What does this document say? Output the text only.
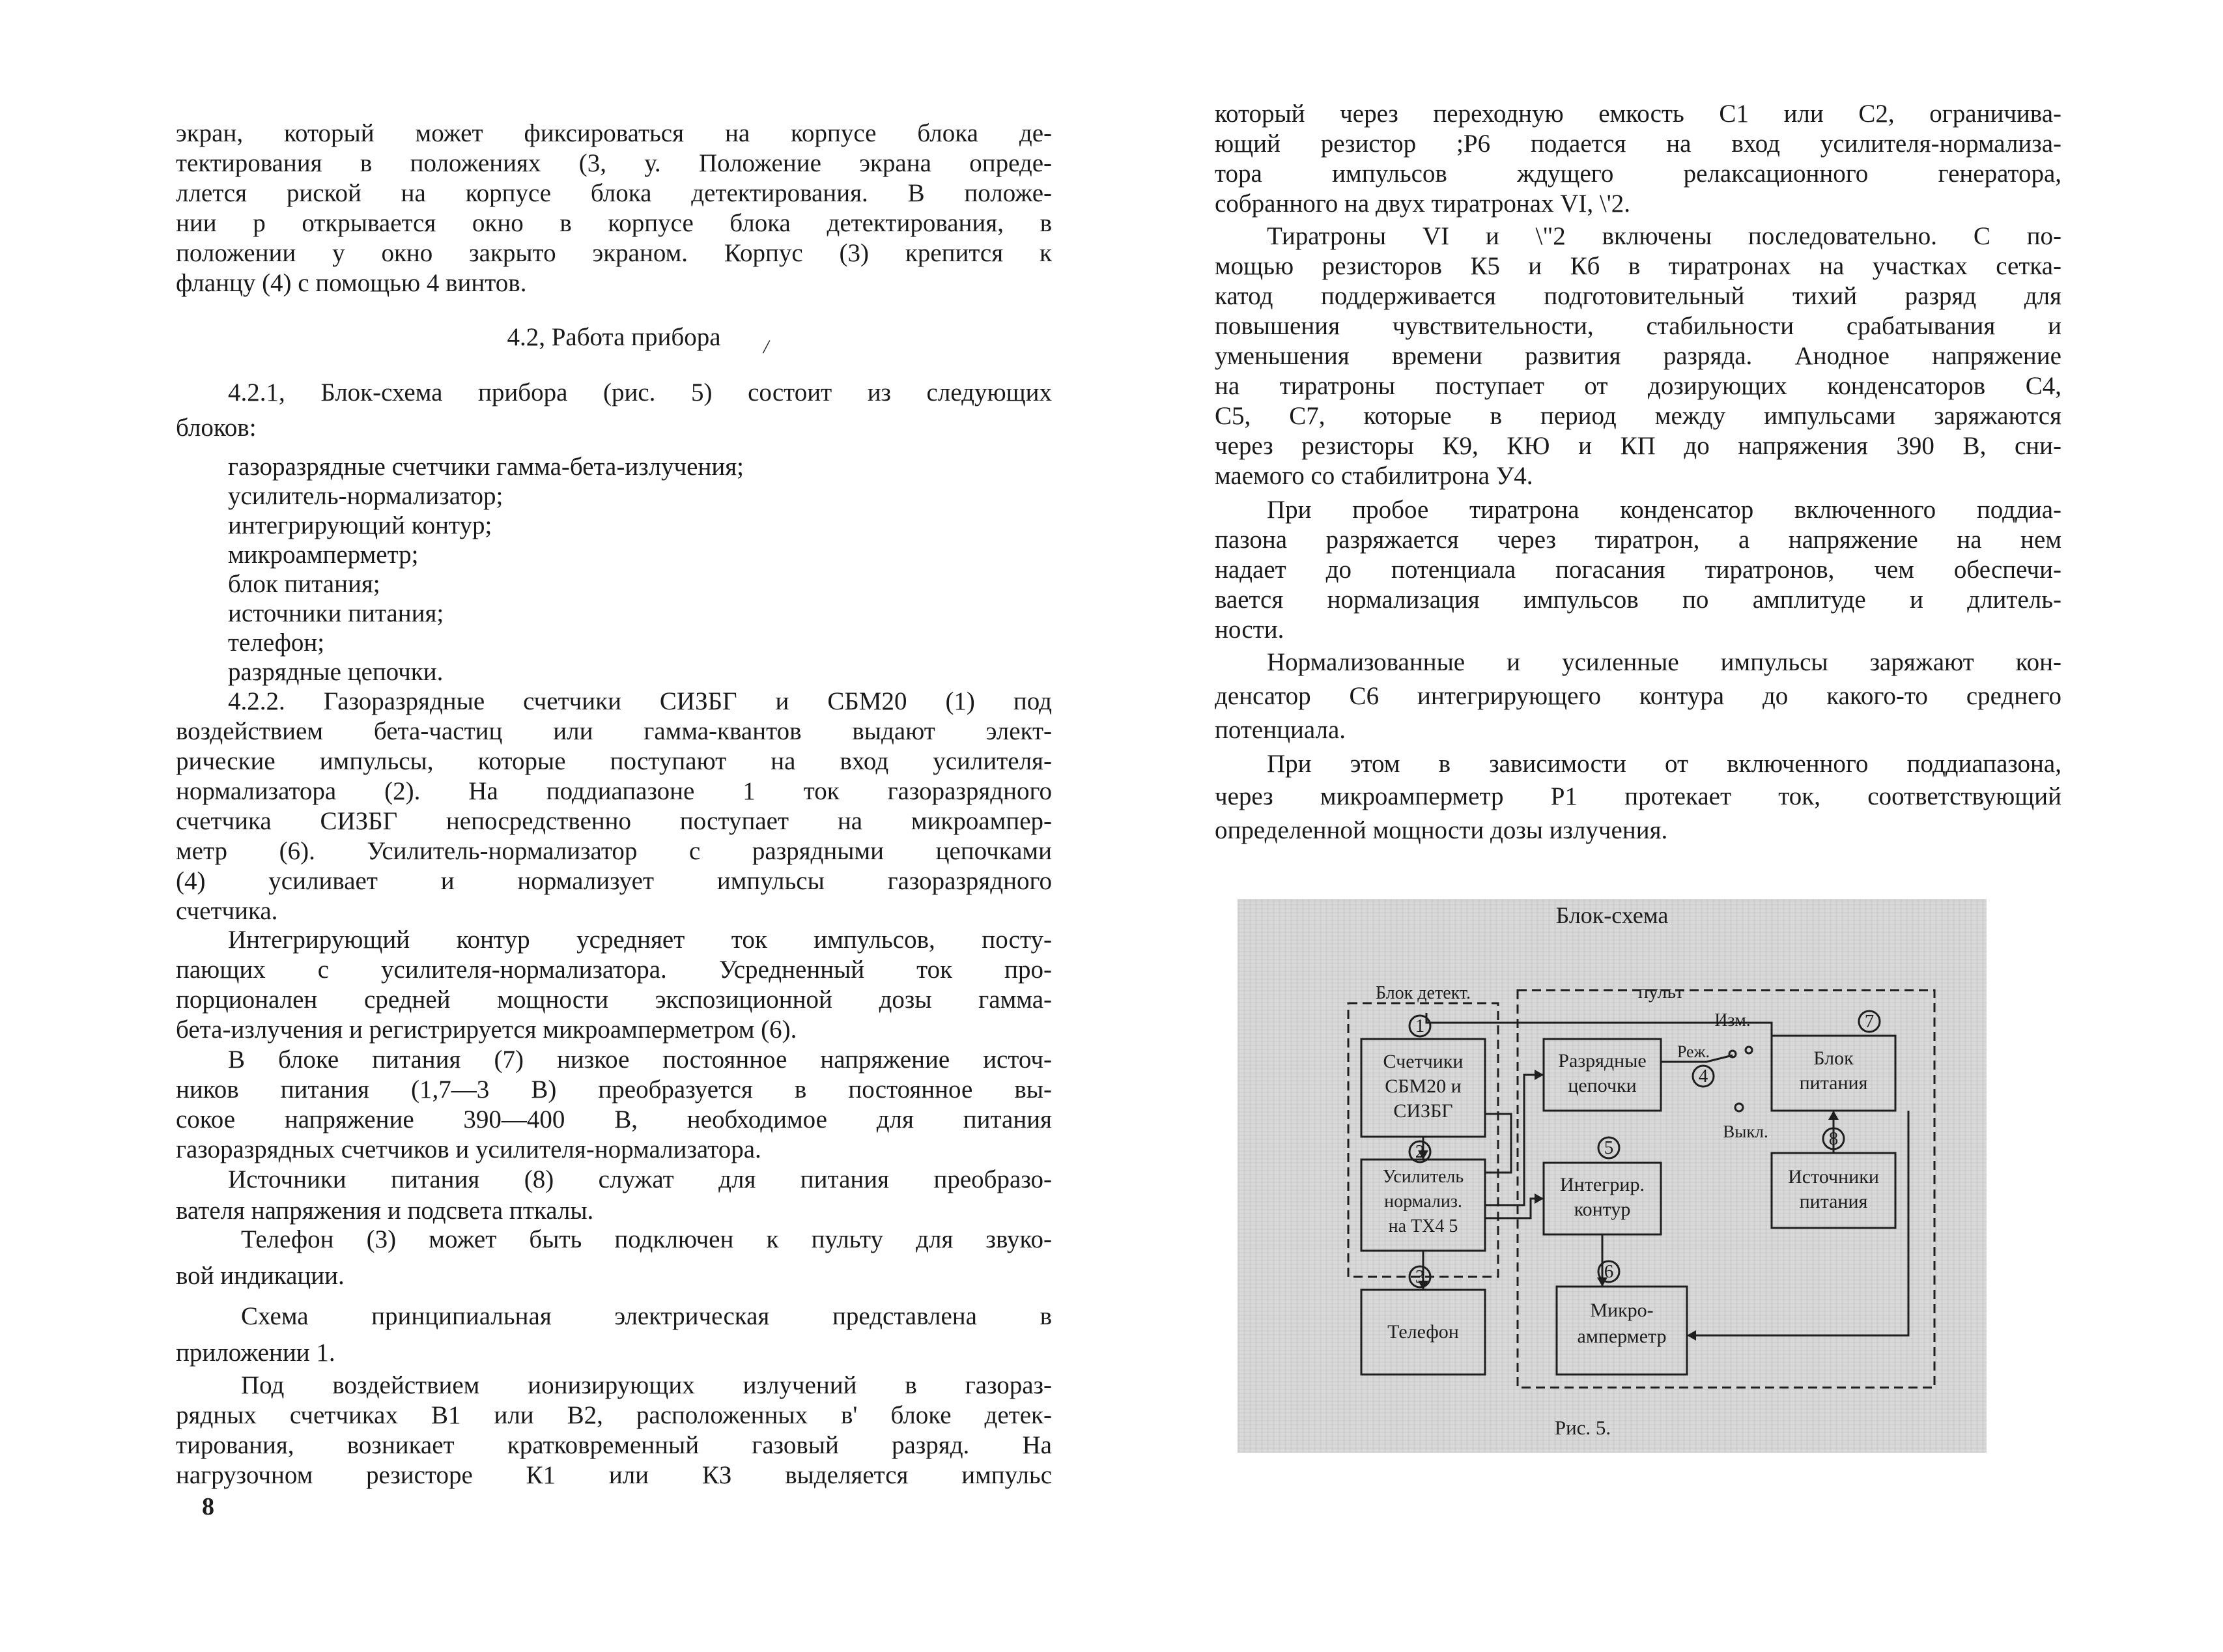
экран, который может фиксироваться на корпусе блока де-
тектирования в положениях (3, у. Положение экрана опреде-
ллется риской на корпусе блока детектирования. В положе-
нии р открывается окно в корпусе блока детектирования, в
положении у окно закрыто экраном. Корпус (3) крепится к
фланцу (4) с помощью 4 винтов.
4.2, Работа прибора	/
4.2.1, Блок-схема прибора (рис. 5) состоит из следующих
блоков:
газоразрядные счетчики гамма-бета-излучения;
усилитель-нормализатор;
интегрирующий контур;
микроамперметр;
блок питания;
источники питания;
телефон;
разрядные цепочки.
4.2.2. Газоразрядные счетчики СИЗБГ и СБМ20 (1) под
воздействием бета-частиц или гамма-квантов выдают элект-
рические импульсы, которые поступают на вход усилителя-
нормализатора (2). На поддиапазоне 1 ток газоразрядного
счетчика СИЗБГ непосредственно поступает на микроампер-
метр (6). Усилитель-нормализатор с разрядными цепочками
(4) усиливает и нормализует импульсы газоразрядного
счетчика.
Интегрирующий контур усредняет ток импульсов, посту-
пающих с усилителя-нормализатора. Усредненный ток про-
порционален средней мощности экспозиционной дозы гамма-
бета-излучения и регистрируется микроамперметром (6).
В блоке питания (7) низкое постоянное напряжение источ-
ников питания (1,7—3 В) преобразуется в постоянное вы-
сокое напряжение 390—400 В, необходимое для питания
газоразрядных счетчиков и усилителя-нормализатора.
Источники питания (8) служат для питания преобразо-
вателя напряжения и подсвета пткалы.
Телефон (3) может быть подключен к пульту для звуко-
вой индикации.
Схема принципиальная электрическая представлена в
приложении 1.
Под воздействием ионизирующих излучений в газораз-
рядных счетчиках В1 или В2, расположенных в' блоке детек-
тирования, возникает кратковременный газовый разряд. На
нагрузочном резисторе К1 или КЗ выделяется импульс
8
который через переходную емкость С1 или С2, ограничива-
ющий резистор ;Р6 подается на вход усилителя-нормализа-
тора импульсов ждущего релаксационного генератора,
собранного на двух тиратронах VI, \'2.
Тиратроны VI и \"2 включены последовательно. С по-
мощью резисторов К5 и Кб в тиратронах на участках сетка-
катод поддерживается подготовительный тихий разряд для
повышения чувствительности, стабильности срабатывания и
уменьшения времени развития разряда. Анодное напряжение
на тиратроны поступает от дозирующих конденсаторов С4,
С5, С7, которые в период между импульсами заряжаются
через резисторы К9, КЮ и КП до напряжения 390 В, сни-
маемого со стабилитрона У4.
При пробое тиратрона конденсатор включенного поддиа-
пазона разряжается через тиратрон, а напряжение на нем
надает до потенциала погасания тиратронов, чем обеспечи-
вается нормализация импульсов по амплитуде и длитель-
ности.
Нормализованные и усиленные импульсы заряжают кон-
денсатор С6 интегрирующего контура до какого-то среднего
потенциала.
При этом в зависимости от включенного поддиапазона,
через микроамперметр Р1 протекает ток, соответствующий
определенной мощности дозы излучения.
Блок-схема
Блок детект.	пульт
Счетчики
СБМ20 и
СИЗБГ
Усилитель
нормализ.
на ТХ4 5
Телефон
Разрядные
цепочки
Интегрир.
контур
Микро-
амперметр
Блок
питания
Источники
питания
Изм.
Реж.
Выкл.
1
2
3
4
5
6
7
8
Рис. 5.
